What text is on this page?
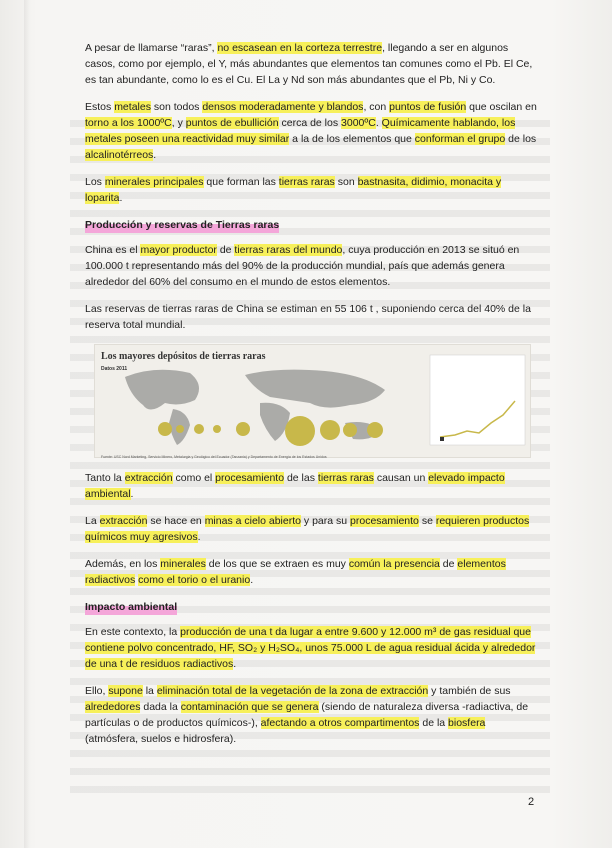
A pesar de llamarse “raras”, no escasean en la corteza terrestre, llegando a ser en algunos casos, como por ejemplo, el Y, más abundantes que elementos tan comunes como el Pb. El Ce, es tan abundante, como lo es el Cu. El La y Nd son más abundantes que el Pb, Ni y Co.

Estos metales son todos densos moderadamente y blandos, con puntos de fusión que oscilan en torno a los 1000ºC, y puntos de ebullición cerca de los 3000ºC. Químicamente hablando, los metales poseen una reactividad muy similar a la de los elementos que conforman el grupo de los alcalinotérreos.

Los minerales principales que forman las tierras raras son bastnasita, didimio, monacita y loparita.

Producción y reservas de Tierras raras

China es el mayor productor de tierras raras del mundo, cuya producción en 2013 se situó en 100.000 t representando más del 90% de la producción mundial, país que además genera alrededor del 60% del consumo en el mundo de estos elementos.

Las reservas de tierras raras de China se estiman en 55 106 t , suponiendo cerca del 40% de la reserva total mundial.

Los mayores depósitos de tierras raras
Datos 2011
Fuente: USC Nord Marketing, Servicio Minero, Metalurgia y Geológico del Ecuador (Tanzania) y Departamento de Energía de los Estados Unidos

Tanto la extracción como el procesamiento de las tierras raras causan un elevado impacto ambiental.

La extracción se hace en minas a cielo abierto y para su procesamiento se requieren productos químicos muy agresivos.

Además, en los minerales de los que se extraen es muy común la presencia de elementos radiactivos como el torio o el uranio.

Impacto ambiental

En este contexto, la producción de una t da lugar a entre 9.600 y 12.000 m³ de gas residual que contiene polvo concentrado, HF, SO₂ y H₂SO₄, unos 75.000 L de agua residual ácida y alrededor de una t de residuos radiactivos.

Ello, supone la eliminación total de la vegetación de la zona de extracción y también de sus alrededores dada la contaminación que se genera (siendo de naturaleza diversa -radiactiva, de partículas o de productos químicos-), afectando a otros compartimentos de la biosfera (atmósfera, suelos e hidrosfera).

2
